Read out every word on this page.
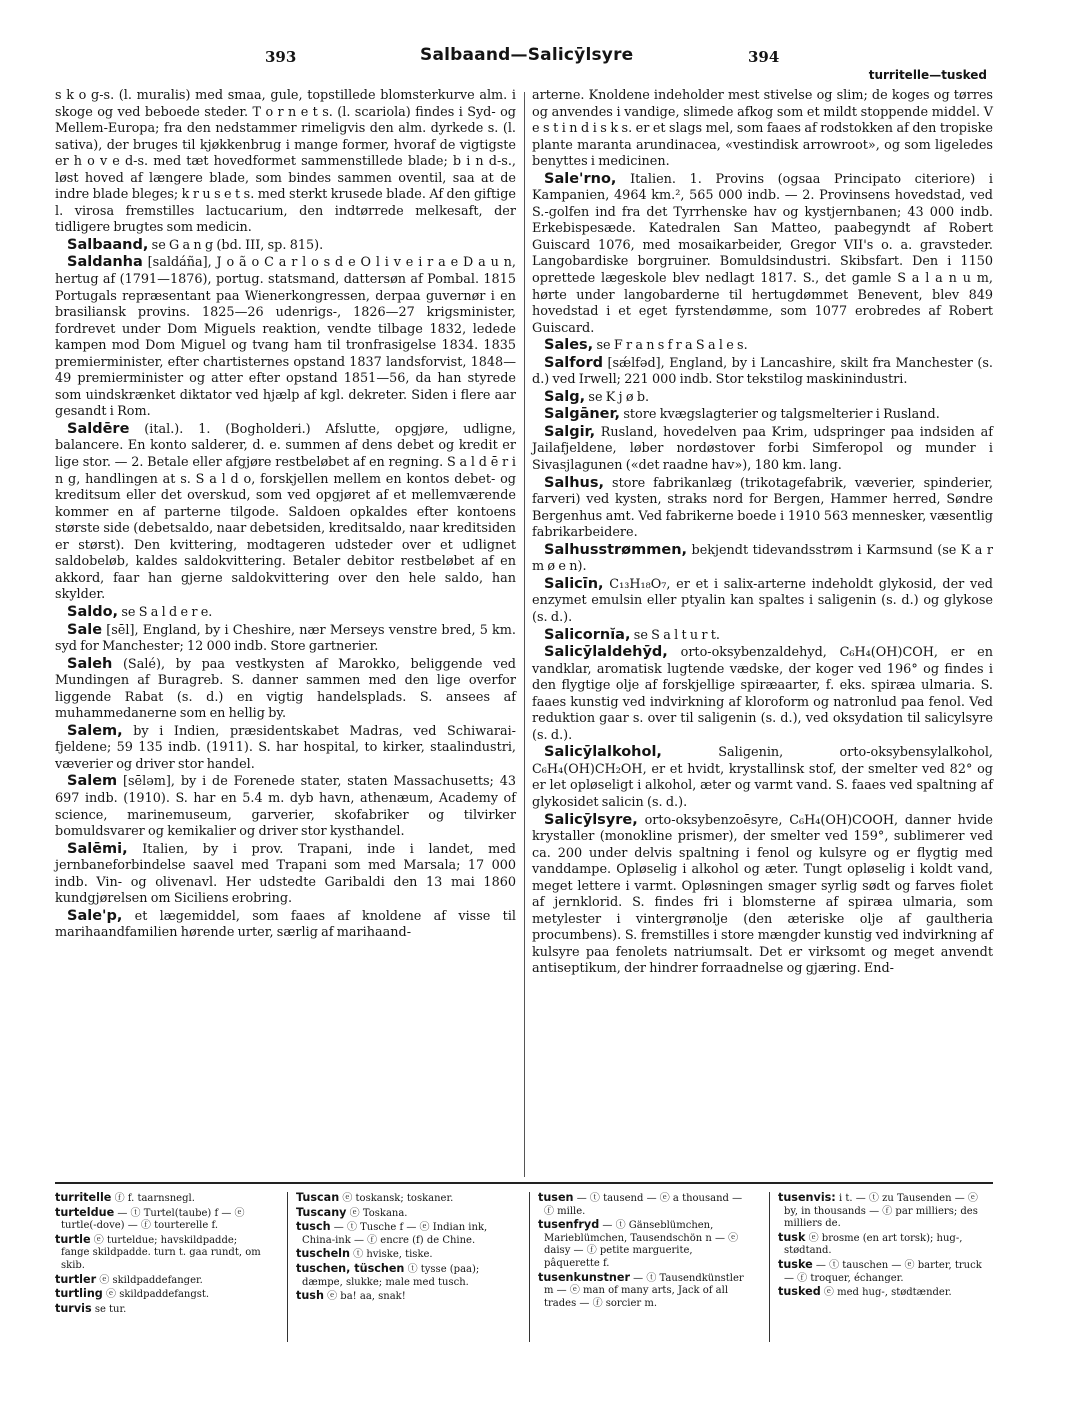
393	Salbaand—Salicȳlsyre	394
turritelle—tusked

s k o g-s. (l. muralis) med smaa, gule, topstillede blomsterkurve alm. i skoge og ved beboede steder. T o r n e t s. (l. scariola) findes i Syd- og Mellem-Europa; fra den nedstammer rimeligvis den alm. dyrkede s. (l. sativa), der bruges til kjøkkenbrug i mange former, hvoraf de vigtigste er h o v e d-s. med tæt hovedformet sammenstillede blade; b i n d-s., løst hoved af længere blade, som bindes sammen oventil, saa at de indre blade bleges; k r u s e t s. med sterkt krusede blade. Af den giftige l. virosa fremstilles lactucarium, den indtørrede melkesaft, der tidligere brugtes som medicin.

Salbaand, se G a n g (bd. III, sp. 815).

Saldanha [saldáña], J o ã o C a r l o s d e O l i v e i r a e D a u n, hertug af (1791—1876), portug. statsmand, dattersøn af Pombal. 1815 Portugals repræsentant paa Wienerkongressen, derpaa guvernør i en brasiliansk provins. 1825—26 udenrigs-, 1826—27 krigsminister, fordrevet under Dom Miguels reaktion, vendte tilbage 1832, ledede kampen mod Dom Miguel og tvang ham til tronfrasigelse 1834. 1835 premierminister, efter chartisternes opstand 1837 landsforvist, 1848—49 premierminister og atter efter opstand 1851—56, da han styrede som uindskrænket diktator ved hjælp af kgl. dekreter. Siden i flere aar gesandt i Rom.

Saldēre (ital.). 1. (Bogholderi.) Afslutte, opgjøre, udligne, balancere. En konto salderer, d. e. summen af dens debet og kredit er lige stor. — 2. Betale eller afgjøre restbeløbet af en regning. S a l d ē r i n g, handlingen at s. S a l d o, forskjellen mellem en kontos debet- og kreditsum eller det overskud, som ved opgjøret af et mellemværende kommer en af parterne tilgode. Saldoen opkaldes efter kontoens største side (debetsaldo, naar debetsiden, kreditsaldo, naar kreditsiden er størst). Den kvittering, modtageren udsteder over et udlignet saldobeløb, kaldes saldokvittering. Betaler debitor restbeløbet af en akkord, faar han gjerne saldokvittering over den hele saldo, han skylder.

Saldo, se S a l d e r e.

Sale [sēl], England, by i Cheshire, nær Merseys venstre bred, 5 km. syd for Manchester; 12 000 indb. Store gartnerier.

Saleh (Salé), by paa vestkysten af Marokko, beliggende ved Mundingen af Buragreb. S. danner sammen med den lige overfor liggende Rabat (s. d.) en vigtig handelsplads. S. ansees af muhammedanerne som en hellig by.

Salem, by i Indien, præsidentskabet Madras, ved Schiwarai-fjeldene; 59 135 indb. (1911). S. har hospital, to kirker, staalindustri, væverier og driver stor handel.

Salem [sēləm], by i de Forenede stater, staten Massachusetts; 43 697 indb. (1910). S. har en 5.4 m. dyb havn, athenæum, Academy of science, marinemuseum, garverier, skofabriker og tilvirker bomuldsvarer og kemikalier og driver stor kysthandel.

Salēmi, Italien, by i prov. Trapani, inde i landet, med jernbaneforbindelse saavel med Trapani som med Marsala; 17 000 indb. Vin- og olivenavl. Her udstedte Garibaldi den 13 mai 1860 kundgjørelsen om Siciliens erobring.

Sale'p, et lægemiddel, som faaes af knoldene af visse til marihaandfamilien hørende urter, særlig af marihaand-

arterne. Knoldene indeholder mest stivelse og slim; de koges og tørres og anvendes i vandige, slimede afkog som et mildt stoppende middel. V e s t i n d i s k s. er et slags mel, som faaes af rodstokken af den tropiske plante maranta arundinacea, «vestindisk arrowroot», og som ligeledes benyttes i medicinen.

Sale'rno, Italien. 1. Provins (ogsaa Principato citeriore) i Kampanien, 4964 km.², 565 000 indb. — 2. Provinsens hovedstad, ved S.-golfen ind fra det Tyrrhenske hav og kystjernbanen; 43 000 indb. Erkebispesæde. Katedralen San Matteo, paabegyndt af Robert Guiscard 1076, med mosaikarbeider, Gregor VII's o. a. gravsteder. Langobardiske borgruiner. Bomuldsindustri. Skibsfart. Den i 1150 oprettede lægeskole blev nedlagt 1817. S., det gamle S a l a n u m, hørte under langobarderne til hertugdømmet Benevent, blev 849 hovedstad i et eget fyrstendømme, som 1077 erobredes af Robert Guiscard.

Sales, se F r a n s f r a S a l e s.

Salford [sǽlfəd], England, by i Lancashire, skilt fra Manchester (s. d.) ved Irwell; 221 000 indb. Stor tekstilog maskinindustri.

Salg, se K j ø b.

Salgāner, store kvægslagterier og talgsmelterier i Rusland.

Salgir, Rusland, hovedelven paa Krim, udspringer paa indsiden af Jailafjeldene, løber nordøstover forbi Simferopol og munder i Sivasjlagunen («det raadne hav»), 180 km. lang.

Salhus, store fabrikanlæg (trikotagefabrik, væverier, spinderier, farveri) ved kysten, straks nord for Bergen, Hammer herred, Søndre Bergenhus amt. Ved fabrikerne boede i 1910 563 mennesker, væsentlig fabrikarbeidere.

Salhusstrømmen, bekjendt tidevandsstrøm i Karmsund (se K a r m ø e n).

Salicīn, C₁₃H₁₈O₇, er et i salix-arterne indeholdt glykosid, der ved enzymet emulsin eller ptyalin kan spaltes i saligenin (s. d.) og glykose (s. d.).

Salicornĭa, se S a l t u r t.

Salicȳlaldehȳd, orto-oksybenzaldehyd, C₆H₄(OH)COH, er en vandklar, aromatisk lugtende vædske, der koger ved 196° og findes i den flygtige olje af forskjellige spiræaarter, f. eks. spiræa ulmaria. S. faaes kunstig ved indvirkning af kloroform og natronlud paa fenol. Ved reduktion gaar s. over til saligenin (s. d.), ved oksydation til salicylsyre (s. d.).

Salicȳlalkohol,	Saligenin, orto-oksybensylalkohol, C₆H₄(OH)CH₂OH, er et hvidt, krystallinsk stof, der smelter ved 82° og er let opløseligt i alkohol, æter og varmt vand. S. faaes ved spaltning af glykosidet salicin (s. d.).

Salicȳlsyre, orto-oksybenzoēsyre, C₆H₄(OH)COOH, danner hvide krystaller (monokline prismer), der smelter ved 159°, sublimerer ved ca. 200 under delvis spaltning i fenol og kulsyre og er flygtig med vanddampe. Opløselig i alkohol og æter. Tungt opløselig i koldt vand, meget lettere i varmt. Opløsningen smager syrlig sødt og farves fiolet af jernklorid. S. findes fri i blomsterne af spiræa ulmaria, som metylester i vintergrønolje (den æteriske olje af gaultheria procumbens). S. fremstilles i store mængder kunstig ved indvirkning af kulsyre paa fenolets natriumsalt. Det er virksomt og meget anvendt antiseptikum, der hindrer forraadnelse og gjæring. End-

turritelle ⓕ f. taarnsnegl.

turteldue — ⓣ Turtel(taube) f — ⓔ turtle(-dove) — ⓕ tourterelle f.

turtle ⓔ turteldue; havskildpadde; fange skildpadde. turn t. gaa rundt, om skib.

turtler ⓔ skildpaddefanger.

turtling ⓔ skildpaddefangst.

turvis se tur.

Tuscan ⓔ toskansk; toskaner.

Tuscany ⓔ Toskana.

tusch — ⓣ Tusche f — ⓔ Indian ink, China-ink — ⓕ encre (f) de Chine.

tuscheln ⓣ hviske, tiske.

tuschen, tüschen ⓣ tysse (paa); dæmpe, slukke; male med tusch.

tush ⓔ ba! aa, snak!

tusen — ⓣ tausend — ⓔ a thousand — ⓕ mille.

tusenfryd — ⓣ Gänseblümchen, Marieblümchen, Tausendschön n — ⓔ daisy — ⓕ petite marguerite, pâquerette f.

tusenkunstner — ⓣ Tausendkünstler m — ⓔ man of many arts, Jack of all trades — ⓕ sorcier m.

tusenvis: i t. — ⓣ zu Tausenden — ⓔ by, in thousands — ⓕ par milliers; des milliers de.

tusk ⓔ brosme (en art torsk); hug-, stødtand.

tuske — ⓣ tauschen — ⓔ barter, truck — ⓕ troquer, échanger.

tusked ⓔ med hug-, stødtænder.
